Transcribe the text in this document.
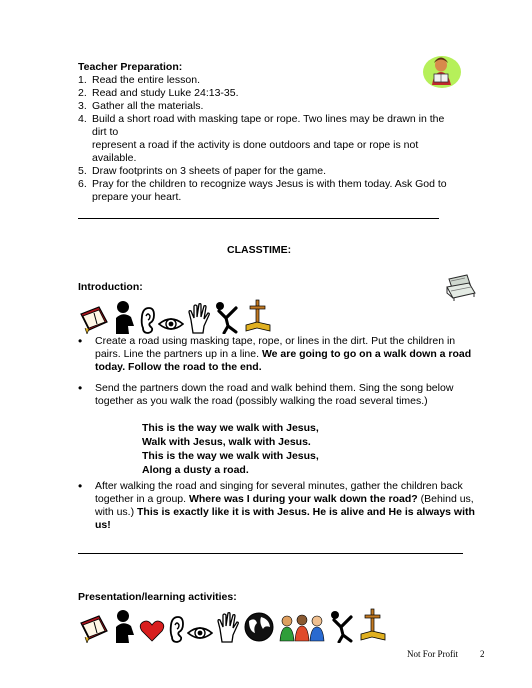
Teacher Preparation:
1. Read the entire lesson.
2. Read and study Luke 24:13-35.
3. Gather all the materials.
4. Build a short road with masking tape or rope. Two lines may be drawn in the dirt to
represent a road if the activity is done outdoors and tape or rope is not available.
5. Draw footprints on 3 sheets of paper for the game.
6. Pray for the children to recognize ways Jesus is with them today. Ask God to
prepare your heart.
CLASSTIME:
Introduction:
• Create a road using masking tape, rope, or lines in the dirt. Put the children in pairs. Line the partners up in a line. We are going to go on a walk down a road today. Follow the road to the end.
• Send the partners down the road and walk behind them. Sing the song below together as you walk the road (possibly walking the road several times.)
This is the way we walk with Jesus,
Walk with Jesus, walk with Jesus.
This is the way we walk with Jesus,
Along a dusty a road.
• After walking the road and singing for several minutes, gather the children back together in a group. Where was I during your walk down the road? (Behind us, with us.) This is exactly like it is with Jesus. He is alive and He is always with us!
Presentation/learning activities:
Not For Profit 2
